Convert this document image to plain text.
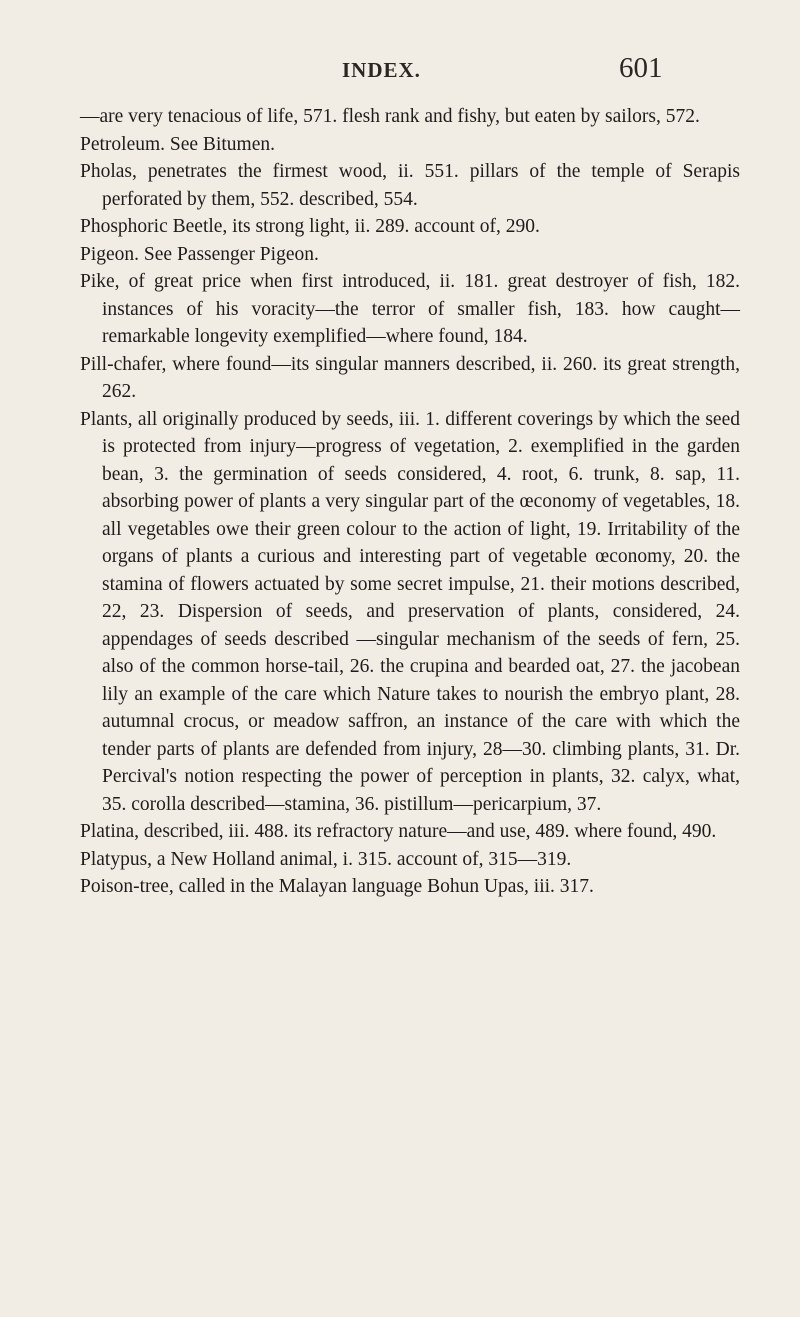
INDEX.	601

—are very tenacious of life, 571. flesh rank and fishy, but eaten by sailors, 572.

Petroleum. See Bitumen.

Pholas, penetrates the firmest wood, ii. 551. pillars of the temple of Serapis perforated by them, 552. described, 554.

Phosphoric Beetle, its strong light, ii. 289. account of, 290.

Pigeon. See Passenger Pigeon.

Pike, of great price when first introduced, ii. 181. great destroyer of fish, 182. instances of his voracity—the terror of smaller fish, 183. how caught—remarkable longevity exemplified—where found, 184.

Pill-chafer, where found—its singular manners described, ii. 260. its great strength, 262.

Plants, all originally produced by seeds, iii. 1. different coverings by which the seed is protected from injury—progress of vegetation, 2. exemplified in the garden bean, 3. the germination of seeds considered, 4. root, 6. trunk, 8. sap, 11. absorbing power of plants a very singular part of the œconomy of vegetables, 18. all vegetables owe their green colour to the action of light, 19. Irritability of the organs of plants a curious and interesting part of vegetable œconomy, 20. the stamina of flowers actuated by some secret impulse, 21. their motions described, 22, 23. Dispersion of seeds, and preservation of plants, considered, 24. appendages of seeds described —singular mechanism of the seeds of fern, 25. also of the common horse-tail, 26. the crupina and bearded oat, 27. the jacobean lily an example of the care which Nature takes to nourish the embryo plant, 28. autumnal crocus, or meadow saffron, an instance of the care with which the tender parts of plants are defended from injury, 28—30. climbing plants, 31. Dr. Percival's notion respecting the power of perception in plants, 32. calyx, what, 35. corolla described—stamina, 36. pistillum—pericarpium, 37.

Platina, described, iii. 488. its refractory nature—and use, 489. where found, 490.

Platypus, a New Holland animal, i. 315. account of, 315—319.

Poison-tree, called in the Malayan language Bohun Upas, iii. 317.
